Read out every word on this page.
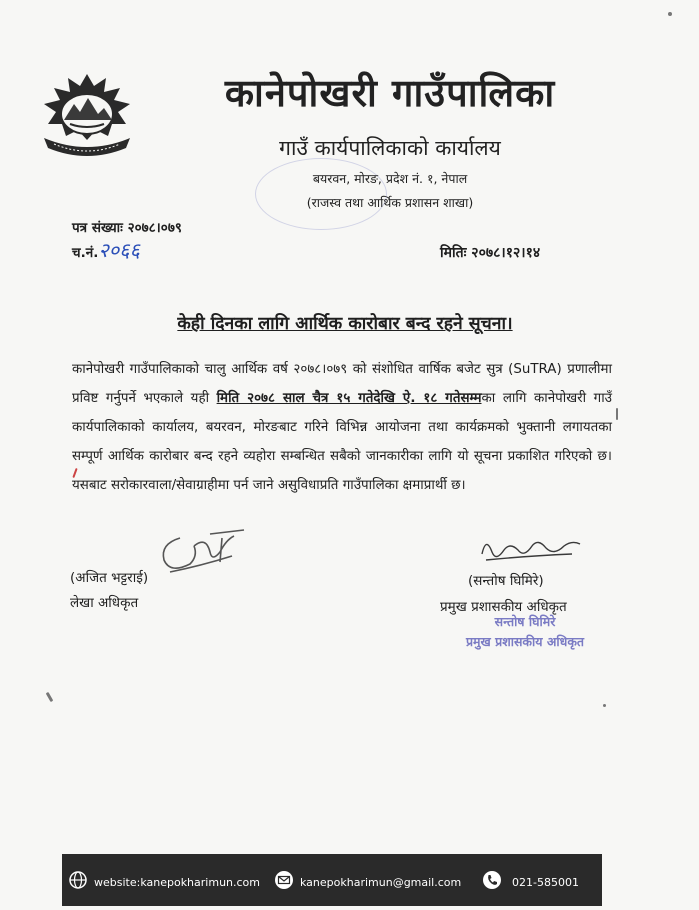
कानेपोखरी गाउँपालिका
गाउँ कार्यपालिकाको कार्यालय
बयरवन, मोरङ, प्रदेश नं. १, नेपाल
(राजस्व तथा आर्थिक प्रशासन शाखा)
पत्र संख्याः २०७८।०७९
च.नं.२०६६	मितिः २०७८।१२।१४
केही दिनका लागि आर्थिक कारोबार बन्द रहने सूचना।
कानेपोखरी गाउँपालिकाको चालु आर्थिक वर्ष २०७८।०७९ को संशोधित वार्षिक बजेट सुत्र (SuTRA) प्रणालीमा प्रविष्ट गर्नुपर्ने भएकाले यही मिति २०७८ साल चैत्र १५ गतेदेखि ऐ. १८ गतेसम्मका लागि कानेपोखरी गाउँ कार्यपालिकाको कार्यालय, बयरवन, मोरङबाट गरिने विभिन्न आयोजना तथा कार्यक्रमको भुक्तानी लगायतका सम्पूर्ण आर्थिक कारोबार बन्द रहने व्यहोरा सम्बन्धित सबैको जानकारीका लागि यो सूचना प्रकाशित गरिएको छ। यसबाट सरोकारवाला/सेवाग्राहीमा पर्न जाने असुविधाप्रति गाउँपालिका क्षमाप्रार्थी छ।
(अजित भट्टराई)
लेखा अधिकृत
(सन्तोष घिमिरे)
प्रमुख प्रशासकीय अधिकृत
सन्तोष घिमिरे
प्रमुख प्रशासकीय अधिकृत
website:kanepokharimun.com	kanepokharimun@gmail.com	021-585001
